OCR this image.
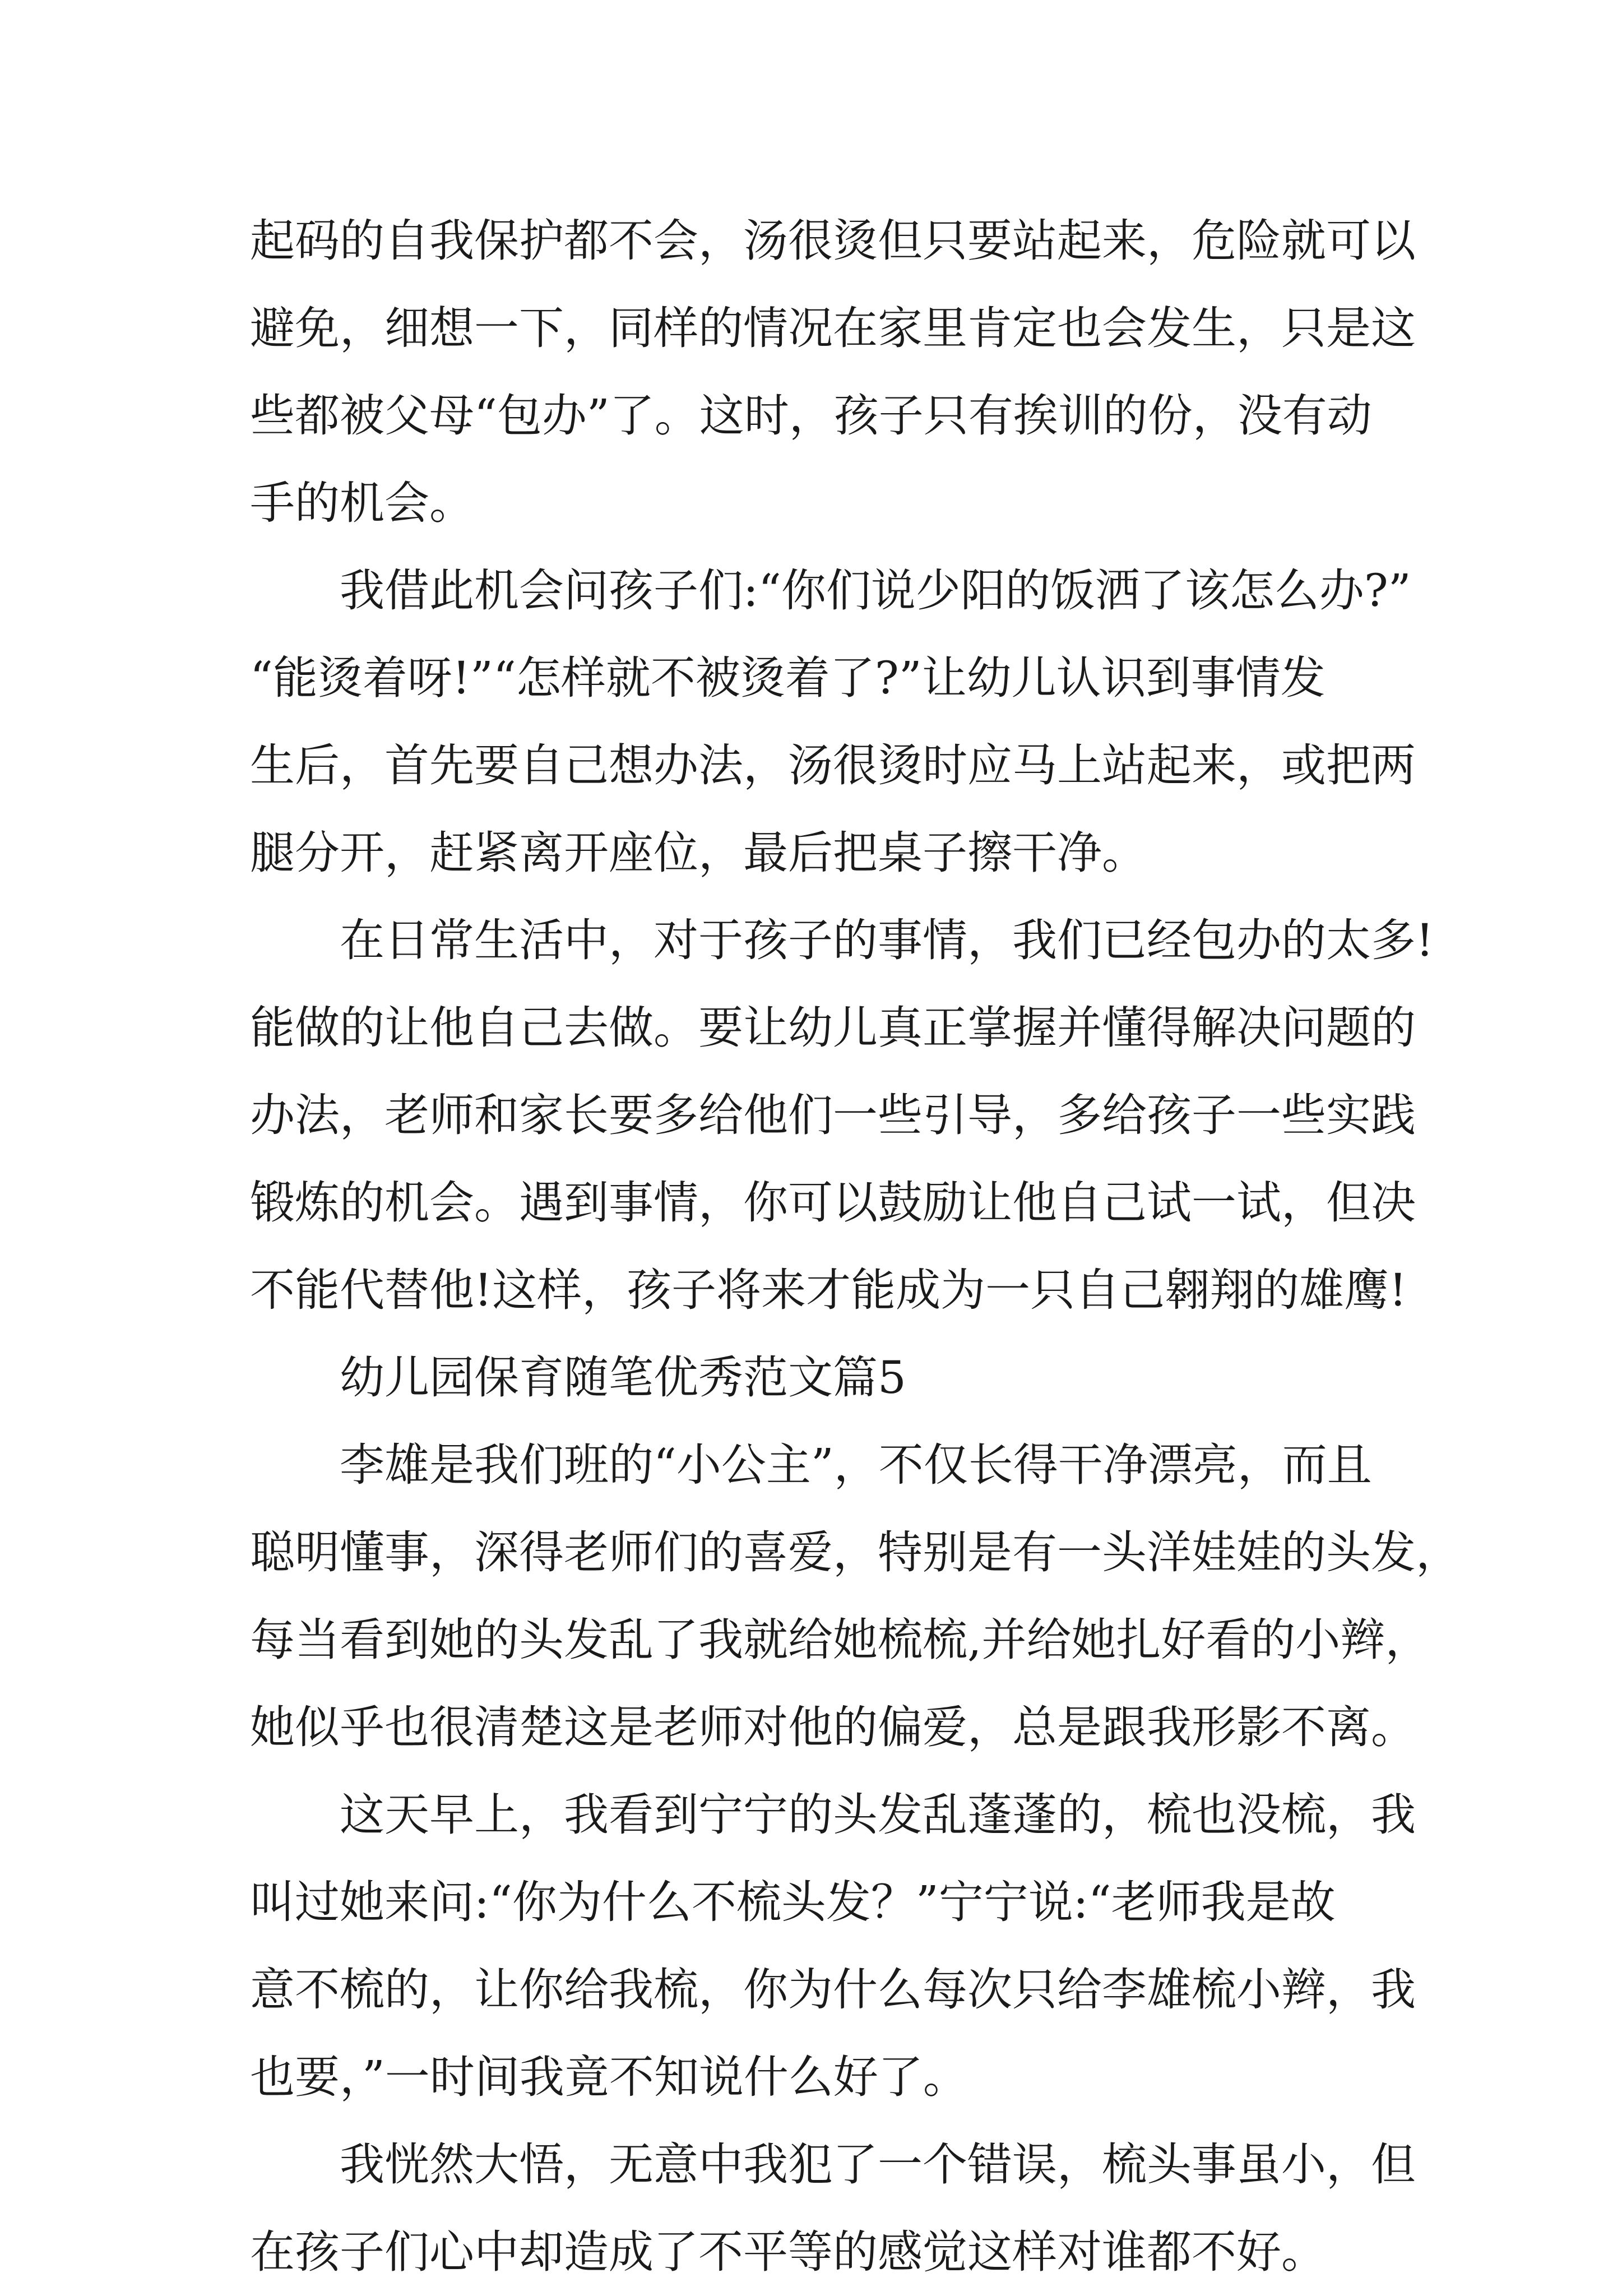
起码的自我保护都不会，汤很烫但只要站起来，危险就可以
避免，细想一下，同样的情况在家里肯定也会发生，只是这
些都被父母“包办”了。这时，孩子只有挨训的份，没有动
手的机会。
我借此机会问孩子们:“你们说少阳的饭洒了该怎么办?”
“能烫着呀!”“怎样就不被烫着了?”让幼儿认识到事情发
生后，首先要自己想办法，汤很烫时应马上站起来，或把两
腿分开，赶紧离开座位，最后把桌子擦干净。
在日常生活中，对于孩子的事情，我们已经包办的太多!
能做的让他自己去做。要让幼儿真正掌握并懂得解决问题的
办法，老师和家长要多给他们一些引导，多给孩子一些实践
锻炼的机会。遇到事情，你可以鼓励让他自己试一试，但决
不能代替他!这样，孩子将来才能成为一只自己翱翔的雄鹰!
幼儿园保育随笔优秀范文篇5
李雄是我们班的“小公主”，不仅长得干净漂亮，而且
聪明懂事，深得老师们的喜爱，特别是有一头洋娃娃的头发，
每当看到她的头发乱了我就给她梳梳,并给她扎好看的小辫，
她似乎也很清楚这是老师对他的偏爱，总是跟我形影不离。
这天早上，我看到宁宁的头发乱蓬蓬的，梳也没梳，我
叫过她来问:“你为什么不梳头发？”宁宁说:“老师我是故
意不梳的，让你给我梳，你为什么每次只给李雄梳小辫，我
也要，”一时间我竟不知说什么好了。
我恍然大悟，无意中我犯了一个错误，梳头事虽小，但
在孩子们心中却造成了不平等的感觉这样对谁都不好。
